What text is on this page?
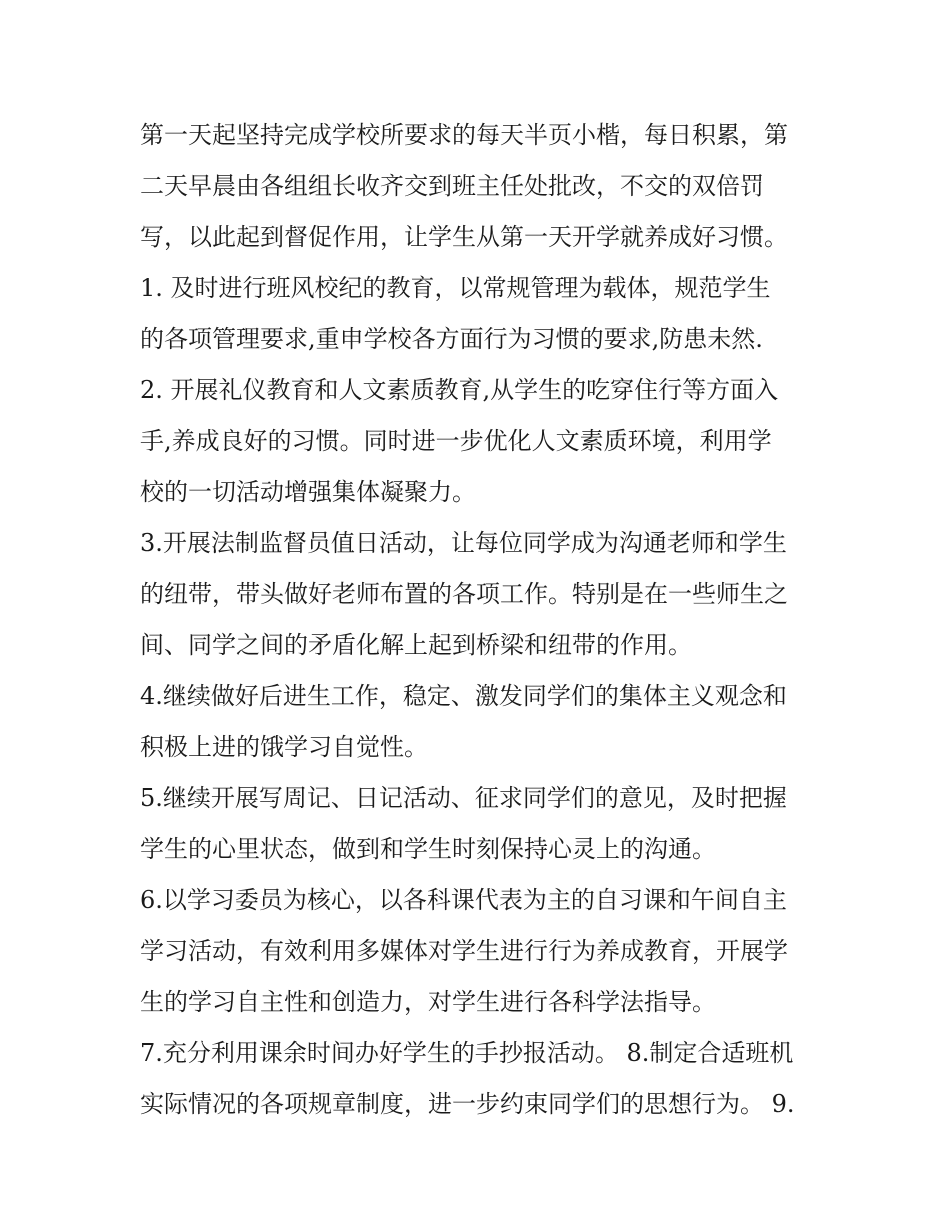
第一天起坚持完成学校所要求的每天半页小楷，每日积累，第
二天早晨由各组组长收齐交到班主任处批改，不交的双倍罚
写，以此起到督促作用，让学生从第一天开学就养成好习惯。
1. 及时进行班风校纪的教育，以常规管理为载体，规范学生
的各项管理要求,重申学校各方面行为习惯的要求,防患未然.
2. 开展礼仪教育和人文素质教育,从学生的吃穿住行等方面入
手,养成良好的习惯。同时进一步优化人文素质环境，利用学
校的一切活动增强集体凝聚力。
3.开展法制监督员值日活动，让每位同学成为沟通老师和学生
的纽带，带头做好老师布置的各项工作。特别是在一些师生之
间、同学之间的矛盾化解上起到桥梁和纽带的作用。
4.继续做好后进生工作，稳定、激发同学们的集体主义观念和
积极上进的饿学习自觉性。
5.继续开展写周记、日记活动、征求同学们的意见，及时把握
学生的心里状态，做到和学生时刻保持心灵上的沟通。
6.以学习委员为核心，以各科课代表为主的自习课和午间自主
学习活动，有效利用多媒体对学生进行行为养成教育，开展学
生的学习自主性和创造力，对学生进行各科学法指导。
7.充分利用课余时间办好学生的手抄报活动。 8.制定合适班机
实际情况的各项规章制度，进一步约束同学们的思想行为。 9.
